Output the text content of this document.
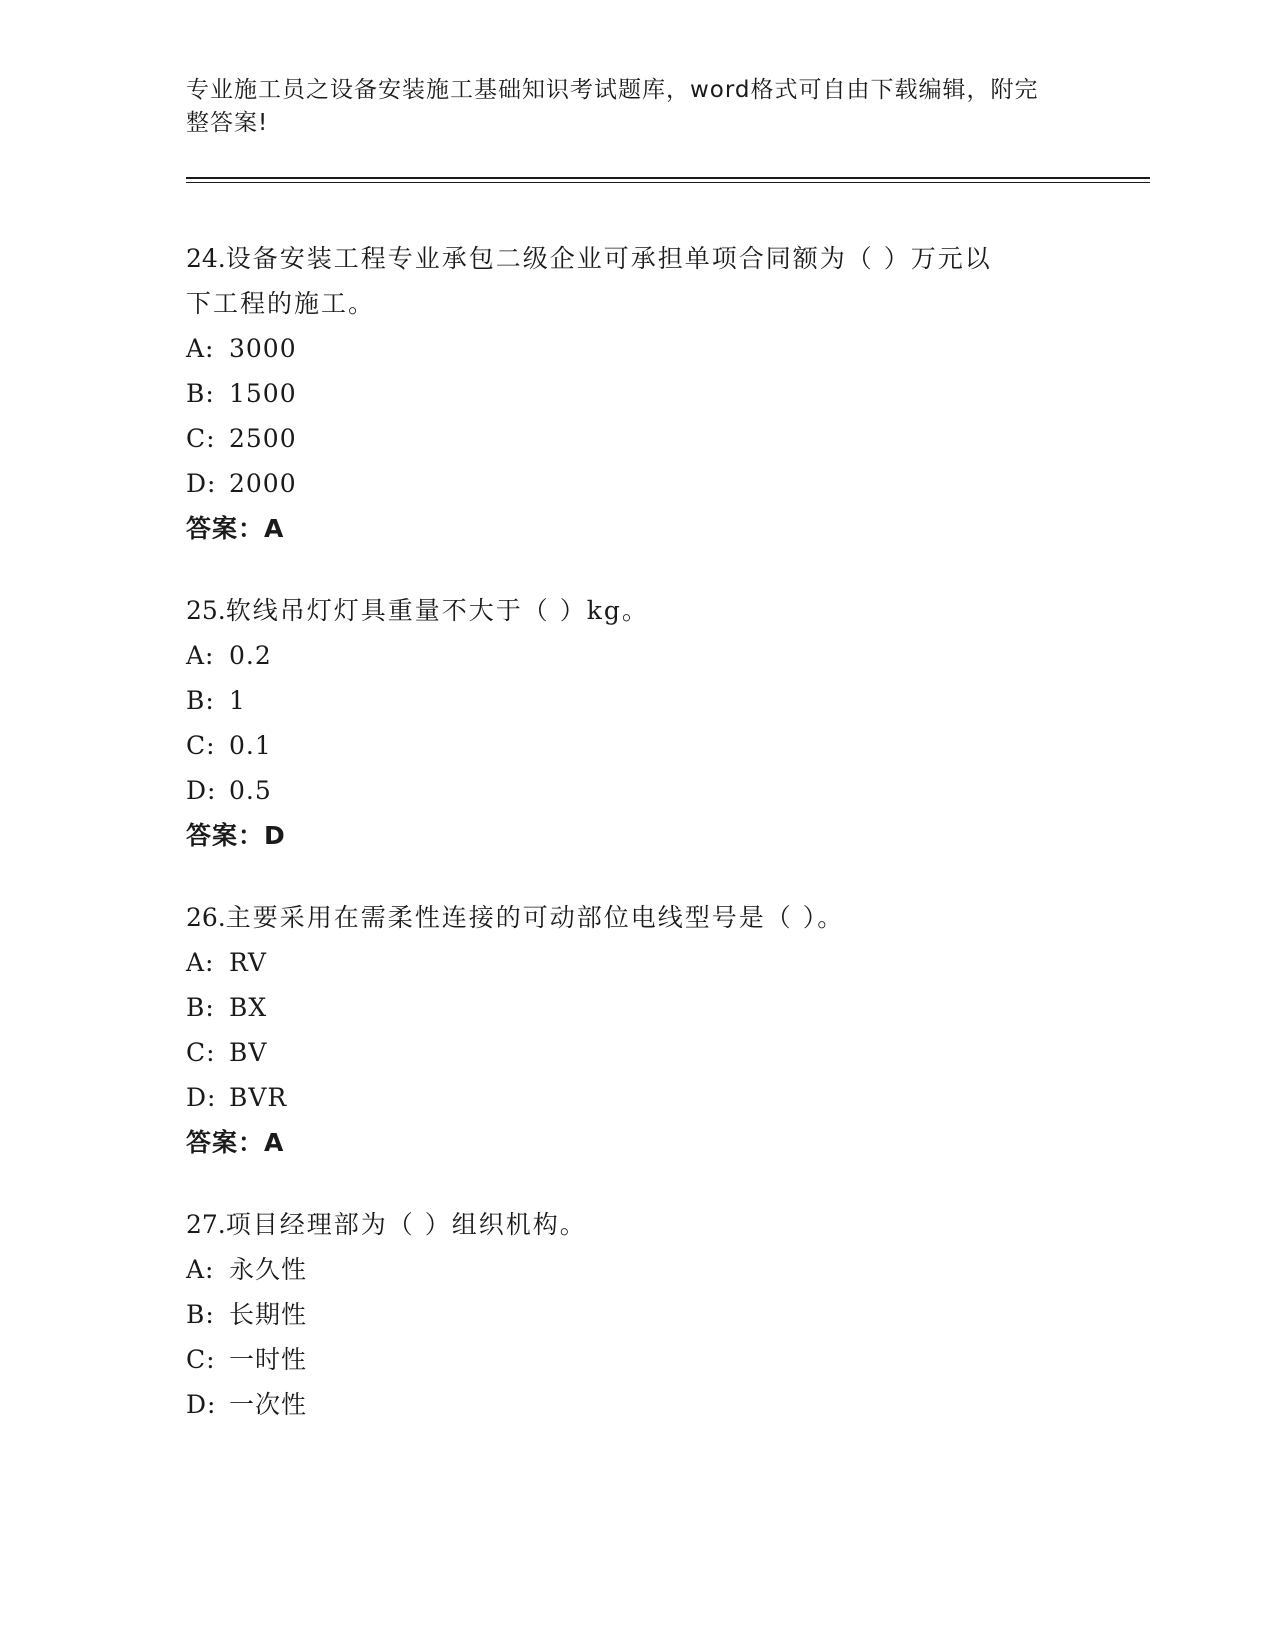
专业施工员之设备安装施工基础知识考试题库，word格式可自由下载编辑，附完
整答案!
24.设备安装工程专业承包二级企业可承担单项合同额为（ ）万元以
下工程的施工。
A: 3000
B: 1500
C: 2500
D: 2000
答案：A
25.软线吊灯灯具重量不大于（ ）kg。
A: 0.2
B: 1
C: 0.1
D: 0.5
答案：D
26.主要采用在需柔性连接的可动部位电线型号是（ ）。
A: RV
B: BX
C: BV
D: BVR
答案：A
27.项目经理部为（ ）组织机构。
A: 永久性
B: 长期性
C: 一时性
D: 一次性
